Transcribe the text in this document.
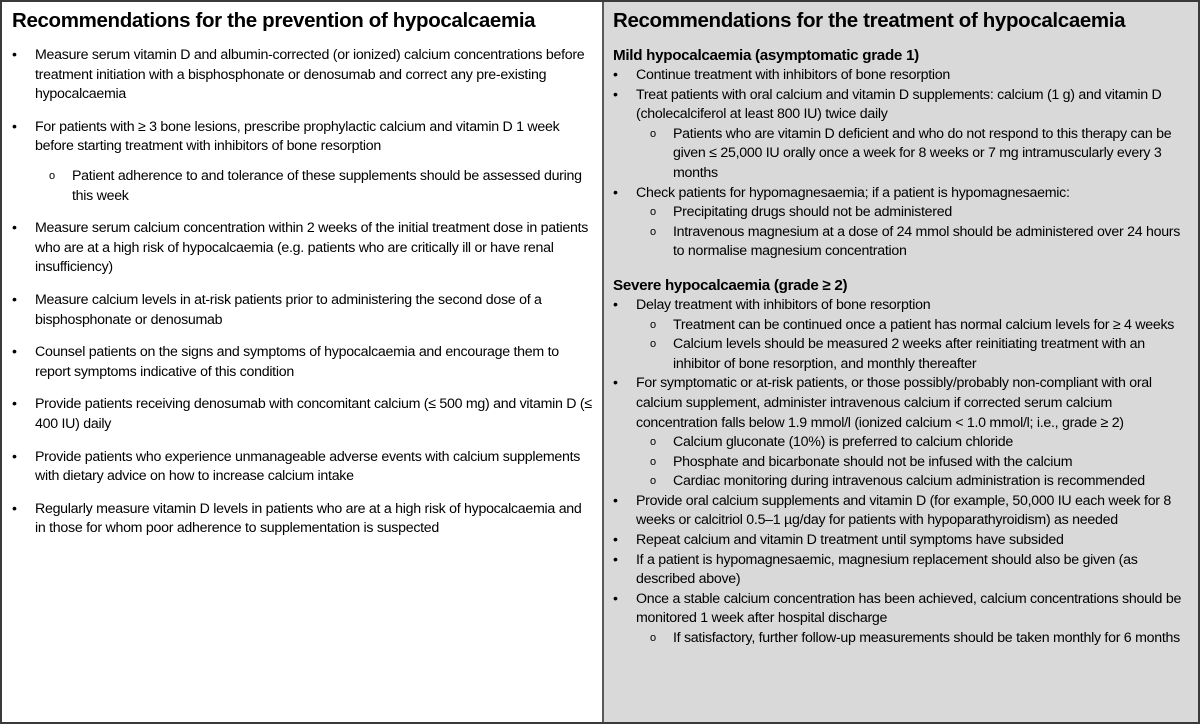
Recommendations for the prevention of hypocalcaemia
• Measure serum vitamin D and albumin-corrected (or ionized) calcium concentrations before treatment initiation with a bisphosphonate or denosumab and correct any pre-existing hypocalcaemia
• For patients with ≥ 3 bone lesions, prescribe prophylactic calcium and vitamin D 1 week before starting treatment with inhibitors of bone resorption
o Patient adherence to and tolerance of these supplements should be assessed during this week
• Measure serum calcium concentration within 2 weeks of the initial treatment dose in patients who are at a high risk of hypocalcaemia (e.g. patients who are critically ill or have renal insufficiency)
• Measure calcium levels in at-risk patients prior to administering the second dose of a bisphosphonate or denosumab
• Counsel patients on the signs and symptoms of hypocalcaemia and encourage them to report symptoms indicative of this condition
• Provide patients receiving denosumab with concomitant calcium (≤ 500 mg) and vitamin D (≤ 400 IU) daily
• Provide patients who experience unmanageable adverse events with calcium supplements with dietary advice on how to increase calcium intake
• Regularly measure vitamin D levels in patients who are at a high risk of hypocalcaemia and in those for whom poor adherence to supplementation is suspected
Recommendations for the treatment of hypocalcaemia
Mild hypocalcaemia (asymptomatic grade 1)
• Continue treatment with inhibitors of bone resorption
• Treat patients with oral calcium and vitamin D supplements: calcium (1 g) and vitamin D (cholecalciferol at least 800 IU) twice daily
o Patients who are vitamin D deficient and who do not respond to this therapy can be given ≤ 25,000 IU orally once a week for 8 weeks or 7 mg intramuscularly every 3 months
• Check patients for hypomagnesaemia; if a patient is hypomagnesaemic:
o Precipitating drugs should not be administered
o Intravenous magnesium at a dose of 24 mmol should be administered over 24 hours to normalise magnesium concentration
Severe hypocalcaemia (grade ≥ 2)
• Delay treatment with inhibitors of bone resorption
o Treatment can be continued once a patient has normal calcium levels for ≥ 4 weeks
o Calcium levels should be measured 2 weeks after reinitiating treatment with an inhibitor of bone resorption, and monthly thereafter
• For symptomatic or at-risk patients, or those possibly/probably non-compliant with oral calcium supplement, administer intravenous calcium if corrected serum calcium concentration falls below 1.9 mmol/l (ionized calcium < 1.0 mmol/l; i.e., grade ≥ 2)
o Calcium gluconate (10%) is preferred to calcium chloride
o Phosphate and bicarbonate should not be infused with the calcium
o Cardiac monitoring during intravenous calcium administration is recommended
• Provide oral calcium supplements and vitamin D (for example, 50,000 IU each week for 8 weeks or calcitriol 0.5–1 µg/day for patients with hypoparathyroidism) as needed
• Repeat calcium and vitamin D treatment until symptoms have subsided
• If a patient is hypomagnesaemic, magnesium replacement should also be given (as described above)
• Once a stable calcium concentration has been achieved, calcium concentrations should be monitored 1 week after hospital discharge
o If satisfactory, further follow-up measurements should be taken monthly for 6 months
